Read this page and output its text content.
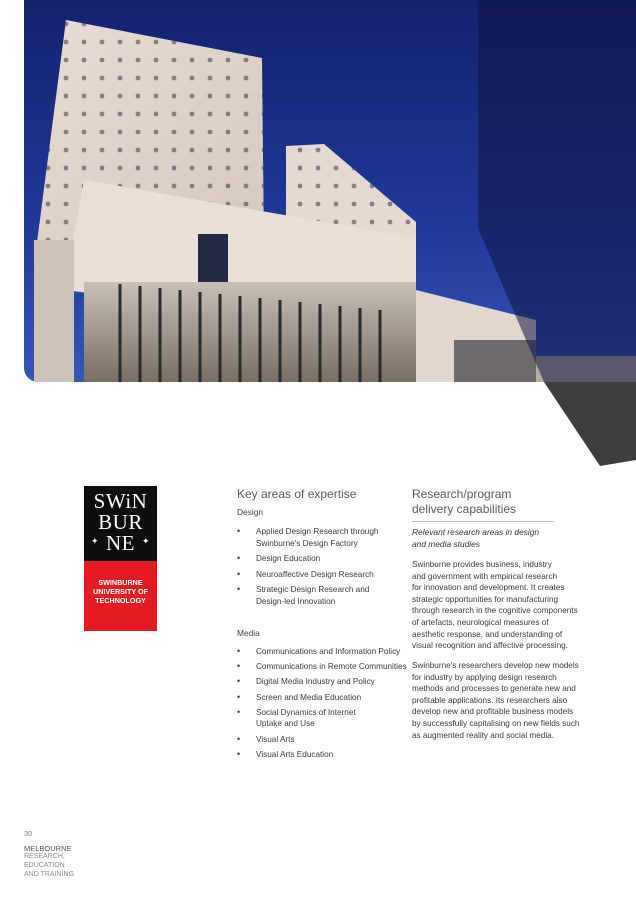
SWiN
BUR
NE
✦	✦
SWINBURNE
UNIVERSITY OF
TECHNOLOGY
Key areas of expertise
Design
• Applied Design Research through
Swinburne's Design Factory
• Design Education
• Neuroaffective Design Research
• Strategic Design Research and
Design-led Innovation
Media
• Communications and Information Policy
• Communications in Remote Communities
• Digital Media Industry and Policy
• Screen and Media Education
• Social Dynamics of Internet
Uptake and Use
• Visual Arts
• Visual Arts Education
Research/program
delivery capabilities
Relevant research areas in design
and media studies
Swinburne provides business, industry
and government with empirical research
for innovation and development. It creates
strategic opportunities for manufacturing
through research in the cognitive components
of artefacts, neurological measures of
aesthetic response, and understanding of
visual recognition and affective processing.
Swinburne's researchers develop new models
for industry by applying design research
methods and processes to generate new and
profitable applications. Its researchers also
develop new and profitable business models
by successfully capitalising on new fields such
as augmented reality and social media.
30
MELBOURNE
RESEARCH,
EDUCATION
AND TRAINING
